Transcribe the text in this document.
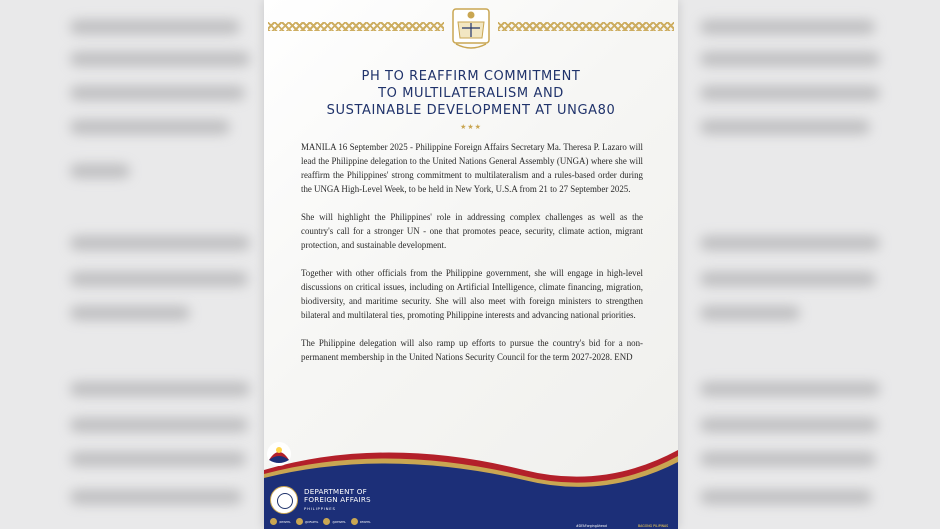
PH TO REAFFIRM COMMITMENT
TO MULTILATERALISM AND
SUSTAINABLE DEVELOPMENT AT UNGA80
★★★

MANILA 16 September 2025 - Philippine Foreign Affairs Secretary Ma. Theresa P. Lazaro will lead the Philippine delegation to the United Nations General Assembly (UNGA) where she will reaffirm the Philippines' strong commitment to multilateralism and a rules-based order during the UNGA High-Level Week, to be held in New York, U.S.A from 21 to 27 September 2025.

She will highlight the Philippines' role in addressing complex challenges as well as the country's call for a stronger UN - one that promotes peace, security, climate action, migrant protection, and sustainable development.

Together with other officials from the Philippine government, she will engage in high-level discussions on critical issues, including on Artificial Intelligence, climate financing, migration, biodiversity, and maritime security. She will also meet with foreign ministers to strengthen bilateral and multilateral ties, promoting Philippine interests and advancing national priorities.

The Philippine delegation will also ramp up efforts to pursue the country's bid for a non-permanent membership in the United Nations Security Council for the term 2027-2028. END

DEPARTMENT OF
FOREIGN AFFAIRS
PHILIPPINES
/DFAPHL	@DFAPHL	@DFAPHL	DFAPHL
#DFAForgingAhead	BAGONG PILIPINAS
